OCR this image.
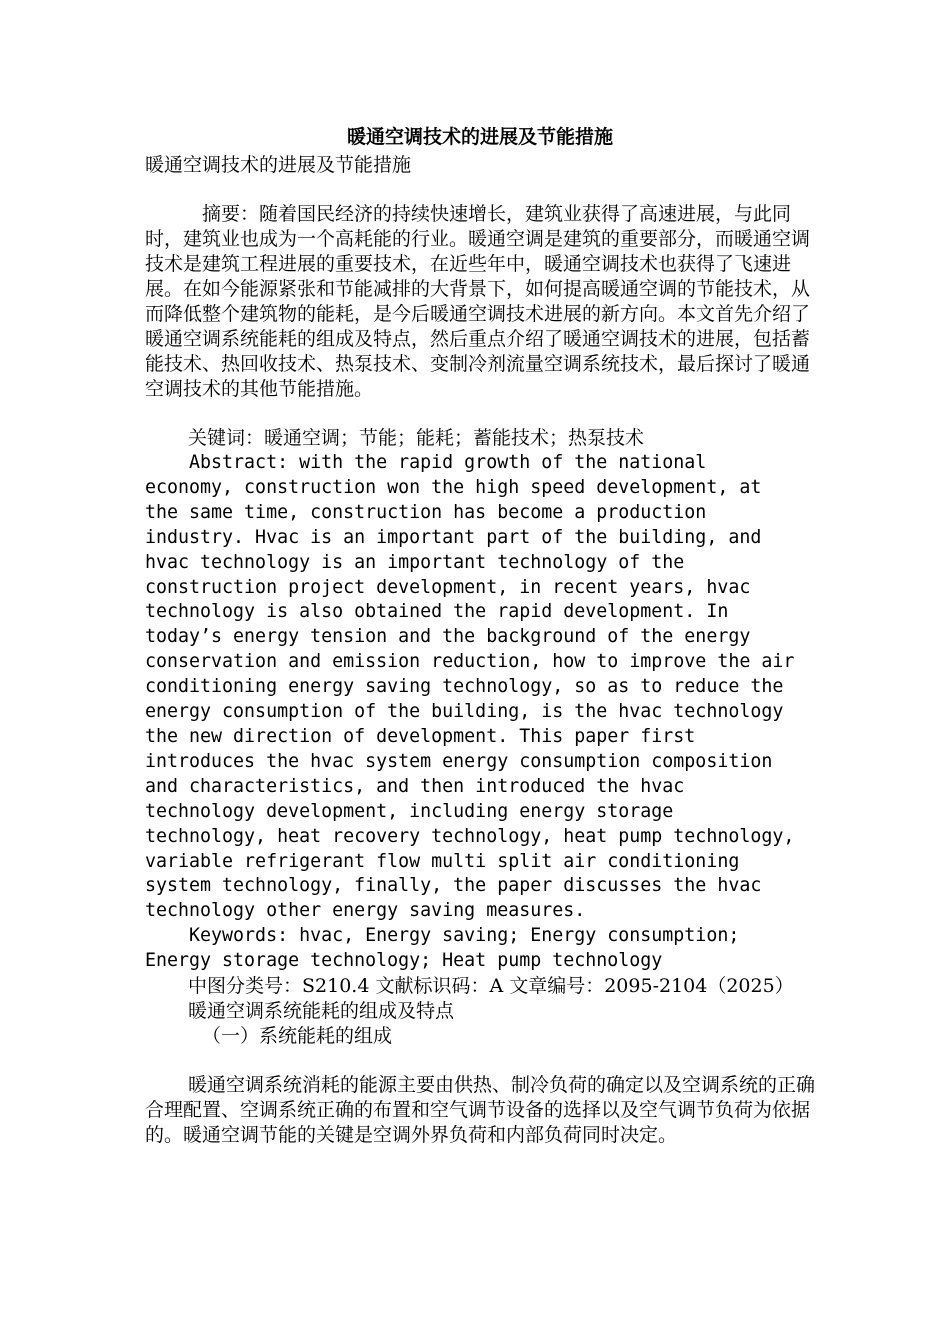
暖通空调技术的进展及节能措施

暖通空调技术的进展及节能措施

摘要：随着国民经济的持续快速增长，建筑业获得了高速进展，与此同时，建筑业也成为一个高耗能的行业。暖通空调是建筑的重要部分，而暖通空调技术是建筑工程进展的重要技术，在近些年中，暖通空调技术也获得了飞速进展。在如今能源紧张和节能减排的大背景下，如何提高暖通空调的节能技术，从而降低整个建筑物的能耗，是今后暖通空调技术进展的新方向。本文首先介绍了暖通空调系统能耗的组成及特点，然后重点介绍了暖通空调技术的进展，包括蓄能技术、热回收技术、热泵技术、变制冷剂流量空调系统技术，最后探讨了暖通空调技术的其他节能措施。

关键词：暖通空调；节能；能耗；蓄能技术；热泵技术

Abstract: with the rapid growth of the national
economy, construction won the high speed development, at
the same time, construction has become a production
industry. Hvac is an important part of the building, and
hvac technology is an important technology of the
construction project development, in recent years, hvac
technology is also obtained the rapid development. In
today’s energy tension and the background of the energy
conservation and emission reduction, how to improve the air
conditioning energy saving technology, so as to reduce the
energy consumption of the building, is the hvac technology
the new direction of development. This paper first
introduces the hvac system energy consumption composition
and characteristics, and then introduced the hvac
technology development, including energy storage
technology, heat recovery technology, heat pump technology,
variable refrigerant flow multi split air conditioning
system technology, finally, the paper discusses the hvac
technology other energy saving measures.
Keywords: hvac, Energy saving; Energy consumption;
Energy storage technology; Heat pump technology

中图分类号：S210.4 文献标识码：A 文章编号：2095-2104（2025）

暖通空调系统能耗的组成及特点

（一）系统能耗的组成

暖通空调系统消耗的能源主要由供热、制冷负荷的确定以及空调系统的正确合理配置、空调系统正确的布置和空气调节设备的选择以及空气调节负荷为依据的。暖通空调节能的关键是空调外界负荷和内部负荷同时决定。
